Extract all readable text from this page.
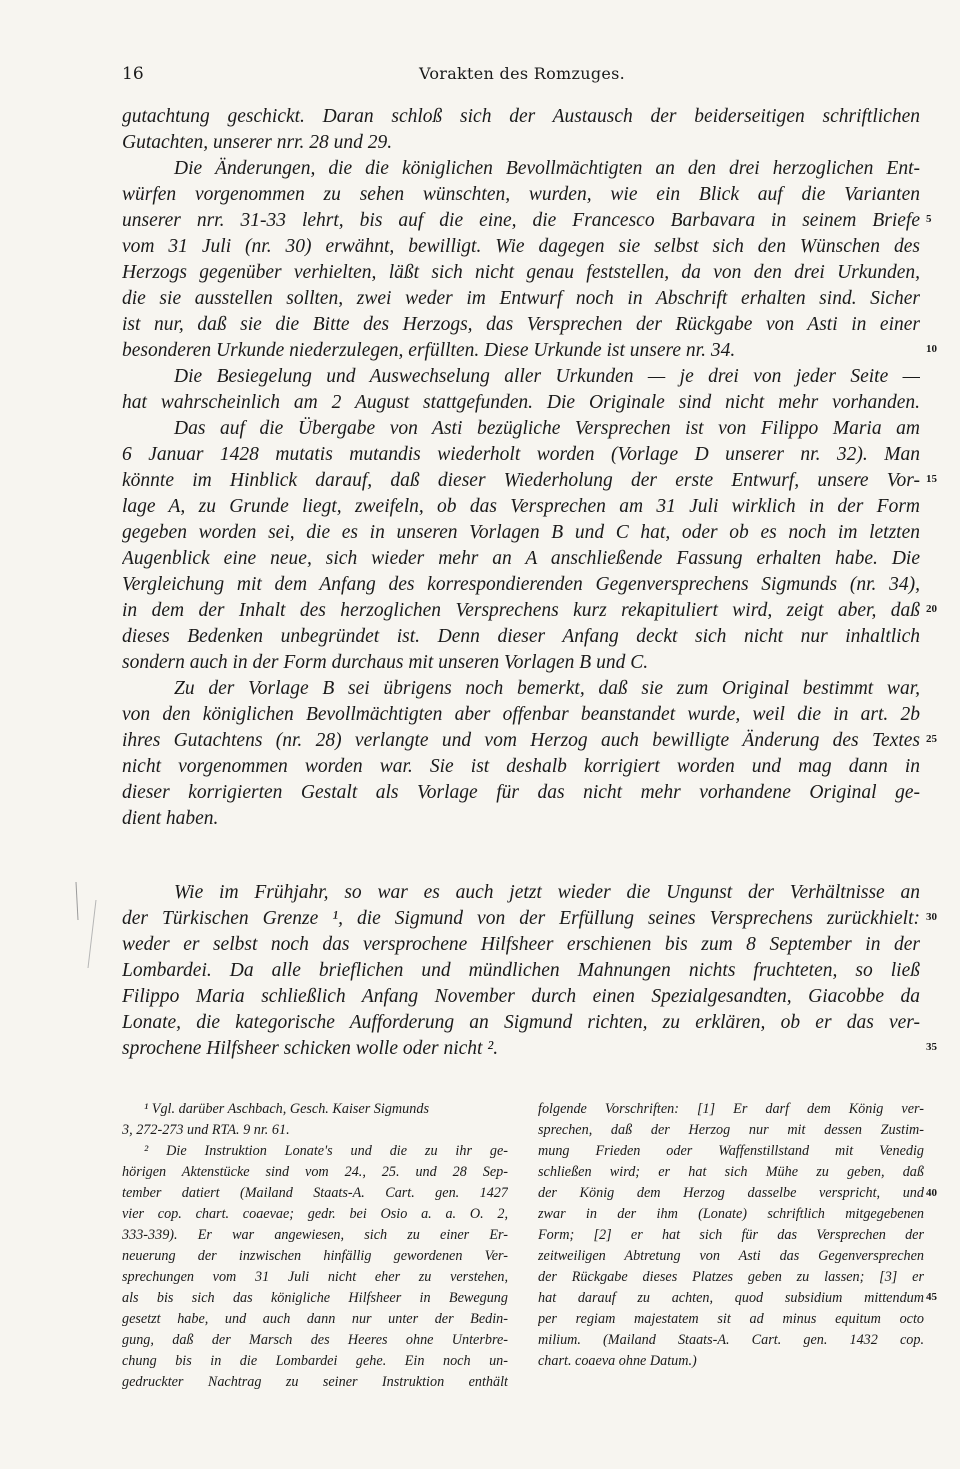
16	Vorakten des Romzuges.
gutachtung geschickt. Daran schloß sich der Austausch der beiderseitigen schriftlichen
Gutachten, unserer nrr. 28 und 29.
Die Änderungen, die die königlichen Bevollmächtigten an den drei herzoglichen Ent-
würfen vorgenommen zu sehen wünschten, wurden, wie ein Blick auf die Varianten
unserer nrr. 31-33 lehrt, bis auf die eine, die Francesco Barbavara in seinem Briefe
vom 31 Juli (nr. 30) erwähnt, bewilligt. Wie dagegen sie selbst sich den Wünschen des
Herzogs gegenüber verhielten, läßt sich nicht genau feststellen, da von den drei Urkunden,
die sie ausstellen sollten, zwei weder im Entwurf noch in Abschrift erhalten sind. Sicher
ist nur, daß sie die Bitte des Herzogs, das Versprechen der Rückgabe von Asti in einer
besonderen Urkunde niederzulegen, erfüllten. Diese Urkunde ist unsere nr. 34.
Die Besiegelung und Auswechselung aller Urkunden — je drei von jeder Seite —
hat wahrscheinlich am 2 August stattgefunden. Die Originale sind nicht mehr vorhanden.
Das auf die Übergabe von Asti bezügliche Versprechen ist von Filippo Maria am
6 Januar 1428 mutatis mutandis wiederholt worden (Vorlage D unserer nr. 32). Man
könnte im Hinblick darauf, daß dieser Wiederholung der erste Entwurf, unsere Vor-
lage A, zu Grunde liegt, zweifeln, ob das Versprechen am 31 Juli wirklich in der Form
gegeben worden sei, die es in unseren Vorlagen B und C hat, oder ob es noch im letzten
Augenblick eine neue, sich wieder mehr an A anschließende Fassung erhalten habe. Die
Vergleichung mit dem Anfang des korrespondierenden Gegenversprechens Sigmunds (nr. 34),
in dem der Inhalt des herzoglichen Versprechens kurz rekapituliert wird, zeigt aber, daß
dieses Bedenken unbegründet ist. Denn dieser Anfang deckt sich nicht nur inhaltlich
sondern auch in der Form durchaus mit unseren Vorlagen B und C.
Zu der Vorlage B sei übrigens noch bemerkt, daß sie zum Original bestimmt war,
von den königlichen Bevollmächtigten aber offenbar beanstandet wurde, weil die in art. 2b
ihres Gutachtens (nr. 28) verlangte und vom Herzog auch bewilligte Änderung des Textes
nicht vorgenommen worden war. Sie ist deshalb korrigiert worden und mag dann in
dieser korrigierten Gestalt als Vorlage für das nicht mehr vorhandene Original ge-
dient haben.
Wie im Frühjahr, so war es auch jetzt wieder die Ungunst der Verhältnisse an
der Türkischen Grenze ¹, die Sigmund von der Erfüllung seines Versprechens zurückhielt:
weder er selbst noch das versprochene Hilfsheer erschienen bis zum 8 September in der
Lombardei. Da alle brieflichen und mündlichen Mahnungen nichts fruchteten, so ließ
Filippo Maria schließlich Anfang November durch einen Spezialgesandten, Giacobbe da
Lonate, die kategorische Aufforderung an Sigmund richten, zu erklären, ob er das ver-
sprochene Hilfsheer schicken wolle oder nicht ².
5
10
15
20
25
30
35
40
45
¹ Vgl. darüber Aschbach, Gesch. Kaiser Sigmunds
3, 272-273 und RTA. 9 nr. 61.
² Die Instruktion Lonate's und die zu ihr ge-
hörigen Aktenstücke sind vom 24., 25. und 28 Sep-
tember datiert (Mailand Staats-A. Cart. gen. 1427
vier cop. chart. coaevae; gedr. bei Osio a. a. O. 2,
333-339). Er war angewiesen, sich zu einer Er-
neuerung der inzwischen hinfällig gewordenen Ver-
sprechungen vom 31 Juli nicht eher zu verstehen,
als bis sich das königliche Hilfsheer in Bewegung
gesetzt habe, und auch dann nur unter der Bedin-
gung, daß der Marsch des Heeres ohne Unterbre-
chung bis in die Lombardei gehe. Ein noch un-
gedruckter Nachtrag zu seiner Instruktion enthält
folgende Vorschriften: [1] Er darf dem König ver-
sprechen, daß der Herzog nur mit dessen Zustim-
mung Frieden oder Waffenstillstand mit Venedig
schließen wird; er hat sich Mühe zu geben, daß
der König dem Herzog dasselbe verspricht, und
zwar in der ihm (Lonate) schriftlich mitgegebenen
Form; [2] er hat sich für das Versprechen der
zeitweiligen Abtretung von Asti das Gegenversprechen
der Rückgabe dieses Platzes geben zu lassen; [3] er
hat darauf zu achten, quod subsidium mittendum
per regiam majestatem sit ad minus equitum octo
milium. (Mailand Staats-A. Cart. gen. 1432 cop.
chart. coaeva ohne Datum.)
